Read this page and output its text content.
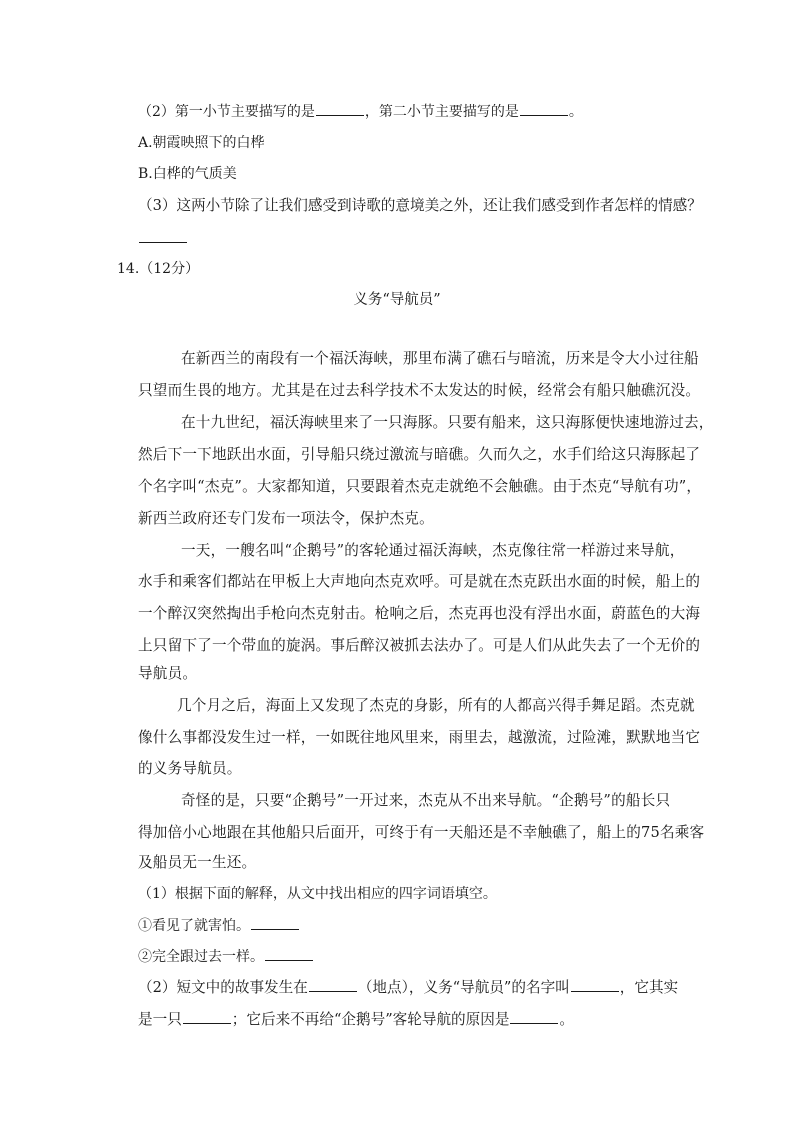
（2）第一小节主要描写的是	，第二小节主要描写的是	。
A.朝霞映照下的白桦
B.白桦的气质美
（3）这两小节除了让我们感受到诗歌的意境美之外，还让我们感受到作者怎样的情感？
14.（12分）
义务“导航员”
在新西兰的南段有一个福沃海峡，那里布满了礁石与暗流，历来是令大小过往船
只望而生畏的地方。尤其是在过去科学技术不太发达的时候，经常会有船只触礁沉没。
在十九世纪，福沃海峡里来了一只海豚。只要有船来，这只海豚便快速地游过去，
然后下一下地跃出水面，引导船只绕过激流与暗礁。久而久之，水手们给这只海豚起了
个名字叫“杰克”。大家都知道，只要跟着杰克走就绝不会触礁。由于杰克“导航有功”，
新西兰政府还专门发布一项法令，保护杰克。
一天，一艘名叫“企鹅号”的客轮通过福沃海峡，杰克像往常一样游过来导航，
水手和乘客们都站在甲板上大声地向杰克欢呼。可是就在杰克跃出水面的时候，船上的
一个醉汉突然掏出手枪向杰克射击。枪响之后，杰克再也没有浮出水面，蔚蓝色的大海
上只留下了一个带血的旋涡。事后醉汉被抓去法办了。可是人们从此失去了一个无价的
导航员。
几个月之后，海面上又发现了杰克的身影，所有的人都高兴得手舞足蹈。杰克就
像什么事都没发生过一样，一如既往地风里来，雨里去，越激流，过险滩，默默地当它
的义务导航员。
奇怪的是，只要“企鹅号”一开过来，杰克从不出来导航。“企鹅号”的船长只
得加倍小心地跟在其他船只后面开，可终于有一天船还是不幸触礁了，船上的75名乘客
及船员无一生还。
（1）根据下面的解释，从文中找出相应的四字词语填空。
①看见了就害怕。
②完全跟过去一样。
（2）短文中的故事发生在	（地点），义务“导航员”的名字叫	，它其实
是一只	；它后来不再给“企鹅号”客轮导航的原因是	。
